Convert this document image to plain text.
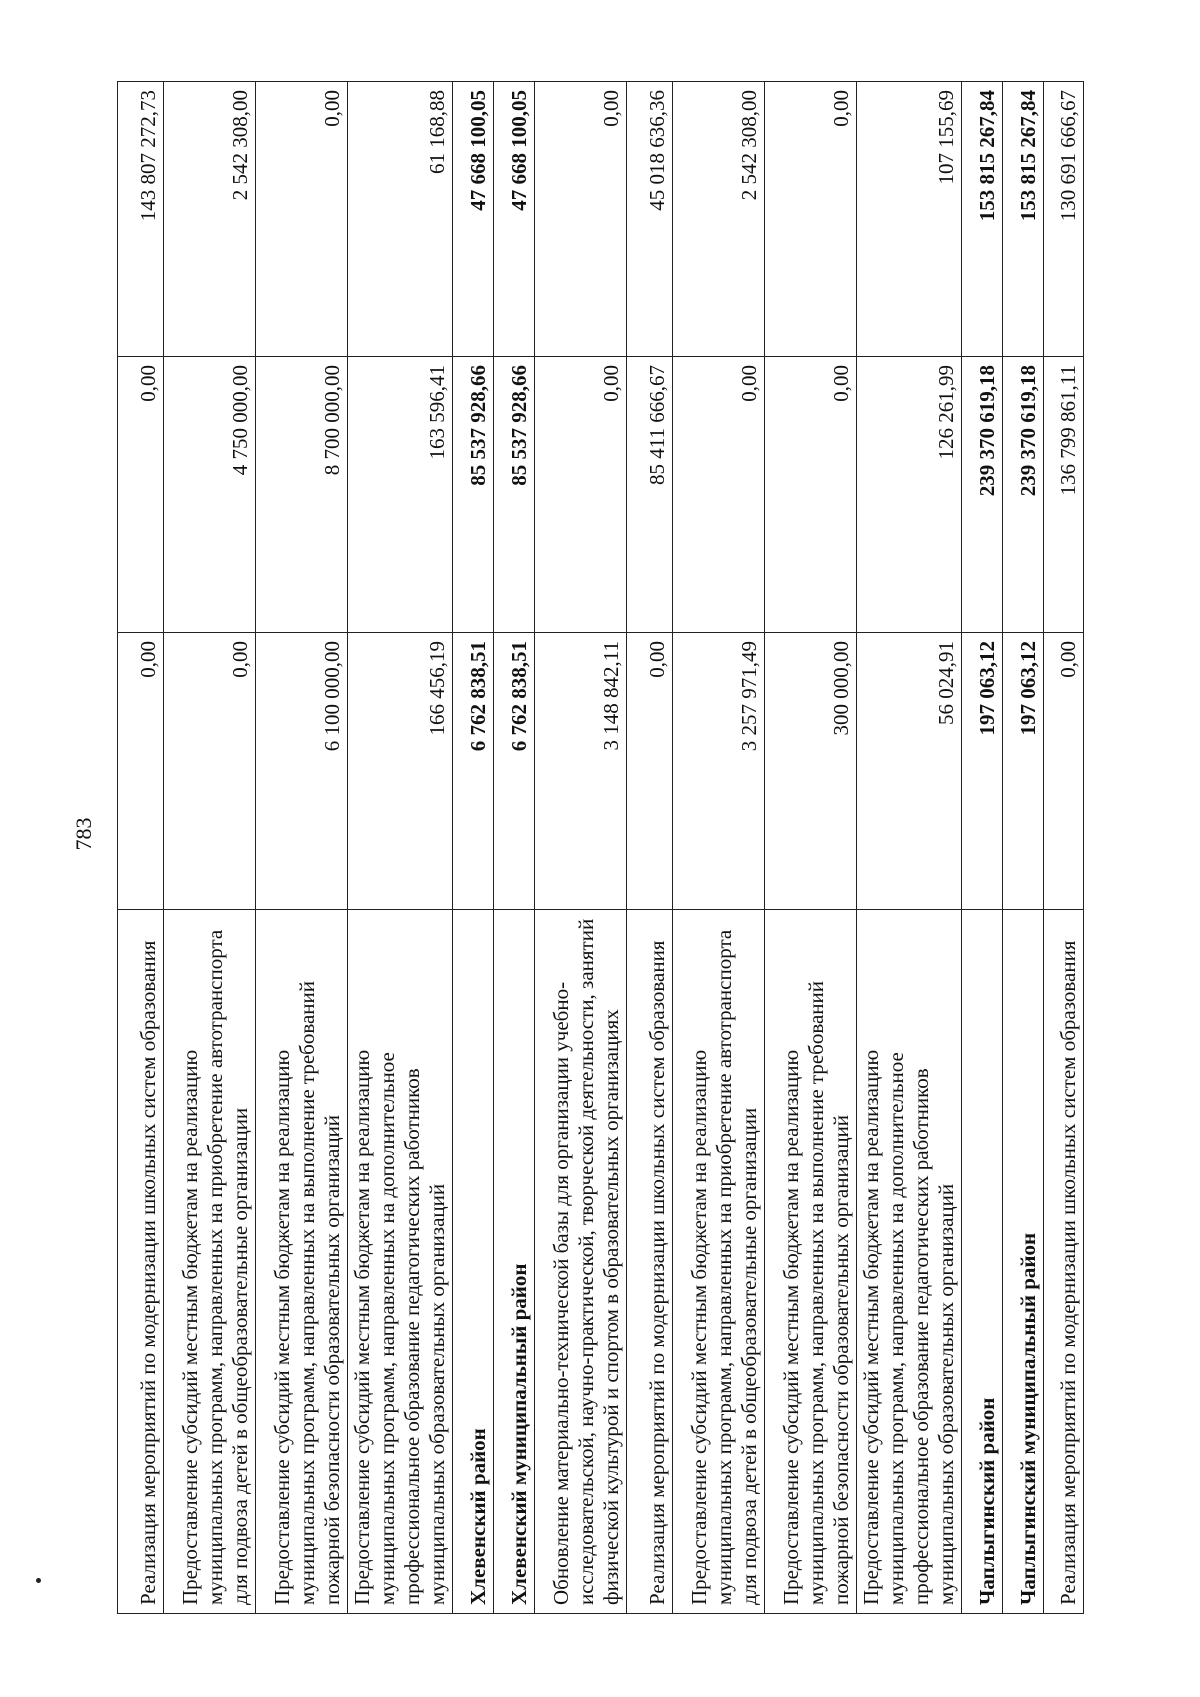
783
Реализация мероприятий по модернизации школьных систем образования	0,00	0,00	143 807 272,73
Предоставление субсидий местным бюджетам на реализацию муниципальных программ, направленных на приобретение автотранспорта для подвоза детей в общеобразовательные организации	0,00	4 750 000,00	2 542 308,00
Предоставление субсидий местным бюджетам на реализацию муниципальных программ, направленных на выполнение требований пожарной безопасности образовательных организаций	6 100 000,00	8 700 000,00	0,00
Предоставление субсидий местным бюджетам на реализацию муниципальных программ, направленных на дополнительное профессиональное образование педагогических работников муниципальных образовательных организаций	166 456,19	163 596,41	61 168,88
Хлевенский район	6 762 838,51	85 537 928,66	47 668 100,05
Хлевенский муниципальный район	6 762 838,51	85 537 928,66	47 668 100,05
Обновление материально-технической базы для организации учебно-исследовательской, научно-практической, творческой деятельности, занятий физической культурой и спортом в образовательных организациях	3 148 842,11	0,00	0,00
Реализация мероприятий по модернизации школьных систем образования	0,00	85 411 666,67	45 018 636,36
Предоставление субсидий местным бюджетам на реализацию муниципальных программ, направленных на приобретение автотранспорта для подвоза детей в общеобразовательные организации	3 257 971,49	0,00	2 542 308,00
Предоставление субсидий местным бюджетам на реализацию муниципальных программ, направленных на выполнение требований пожарной безопасности образовательных организаций	300 000,00	0,00	0,00
Предоставление субсидий местным бюджетам на реализацию муниципальных программ, направленных на дополнительное профессиональное образование педагогических работников муниципальных образовательных организаций	56 024,91	126 261,99	107 155,69
Чаплыгинский район	197 063,12	239 370 619,18	153 815 267,84
Чаплыгинский муниципальный район	197 063,12	239 370 619,18	153 815 267,84
Реализация мероприятий по модернизации школьных систем образования	0,00	136 799 861,11	130 691 666,67
